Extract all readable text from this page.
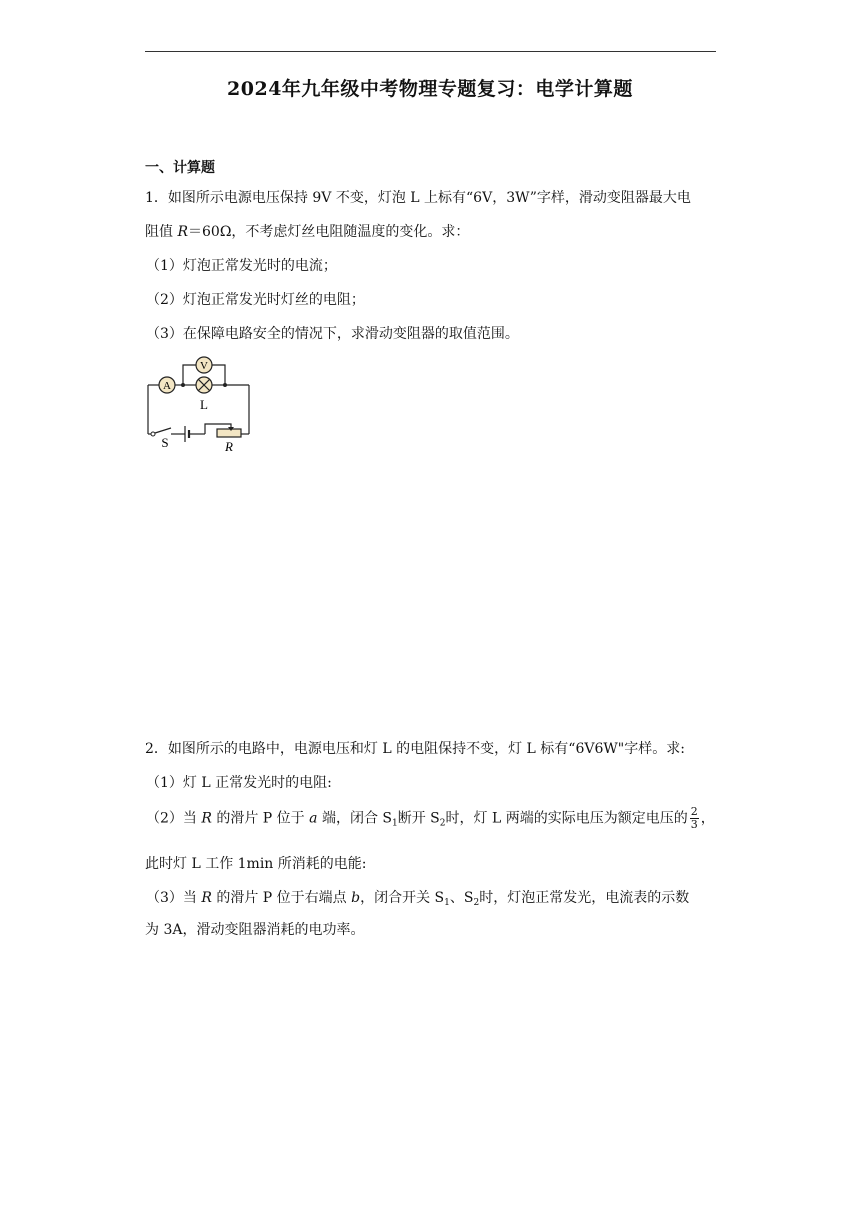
2024年九年级中考物理专题复习：电学计算题
一、计算题
1．如图所示电源电压保持 9V 不变，灯泡 L 上标有“6V，3W”字样，滑动变阻器最大电
阻值 R＝60Ω，不考虑灯丝电阻随温度的变化。求：
（1）灯泡正常发光时的电流；
（2）灯泡正常发光时灯丝的电阻；
（3）在保障电路安全的情况下，求滑动变阻器的取值范围。
A
V
L
S	R
2．如图所示的电路中，电源电压和灯 L 的电阻保持不变，灯 L 标有“6V6W"字样。求:
（1）灯 L 正常发光时的电阻:
（2）当 R 的滑片 P 位于 a 端，闭合 $S_1$断开 $S_2$时，灯 L 两端的实际电压为额定电压的 $\frac{2}{3}$ ，
此时灯 L 工作 1min 所消耗的电能:
（3）当 R 的滑片 P 位于右端点 b，闭合开关 $S_1$、$S_2$时，灯泡正常发光，电流表的示数
为 3A，滑动变阻器消耗的电功率。
